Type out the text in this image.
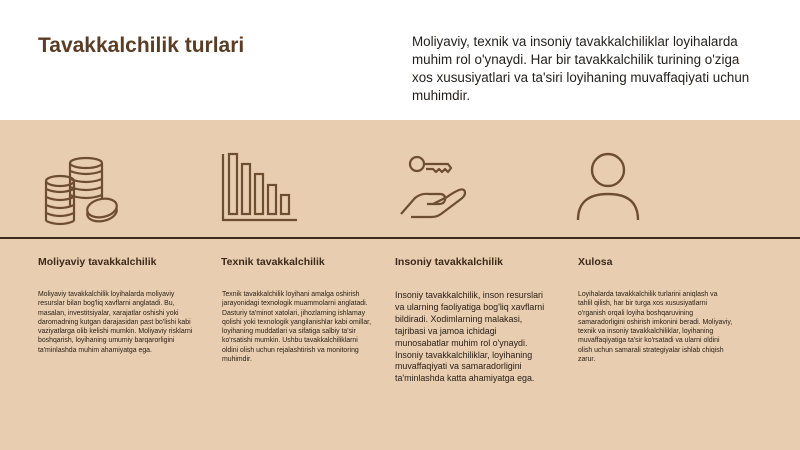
Tavakkalchilik turlari	Moliyaviy, texnik va insoniy tavakkalchiliklar loyihalarda muhim rol o'ynaydi. Har bir tavakkalchilik turining o'ziga xos xususiyatlari va ta'siri loyihaning muvaffaqiyati uchun muhimdir.
Moliyaviy tavakkalchilik	Texnik tavakkalchilik	Insoniy tavakkalchilik	Xulosa
Moliyaviy tavakkalchilik loyihalarda moliyaviy resurslar bilan bog'liq xavflarni anglatadi. Bu, masalan, investitsiyalar, xarajatlar oshishi yoki daromadning kutgan darajasidan past bo'lishi kabi vaziyatlarga olib kelishi mumkin. Moliyaviy risklarni boshqarish, loyihaning umumiy barqarorligini ta'minlashda muhim ahamiyatga ega.
Texnik tavakkalchilik loyihani amalga oshirish jarayonidagi texnologik muammolarni anglatadi. Dasturiy ta'minot xatolari, jihozlarning ishlamay qolishi yoki texnologik yangilanishlar kabi omillar, loyihaning muddatlari va sifatiga salbiy ta'sir ko'rsatishi mumkin. Ushbu tavakkalchiliklarni oldini olish uchun rejalashtirish va monitoring muhimdir.
Insoniy tavakkalchilik, inson resurslari va ularning faoliyatiga bog'liq xavflarni bildiradi. Xodimlarning malakasi, tajribasi va jamoa ichidagi munosabatlar muhim rol o'ynaydi. Insoniy tavakkalchiliklar, loyihaning muvaffaqiyati va samaradorligini ta'minlashda katta ahamiyatga ega.
Loyihalarda tavakkalchilik turlarini aniqlash va tahlil qilish, har bir turga xos xususiyatlarni o'rganish orqali loyiha boshqaruvining samaradorligini oshirish imkonini beradi. Moliyaviy, texnik va insoniy tavakkalchiliklar, loyihaning muvaffaqiyatiga ta'sir ko'rsatadi va ularni oldini olish uchun samarali strategiyalar ishlab chiqish zarur.
